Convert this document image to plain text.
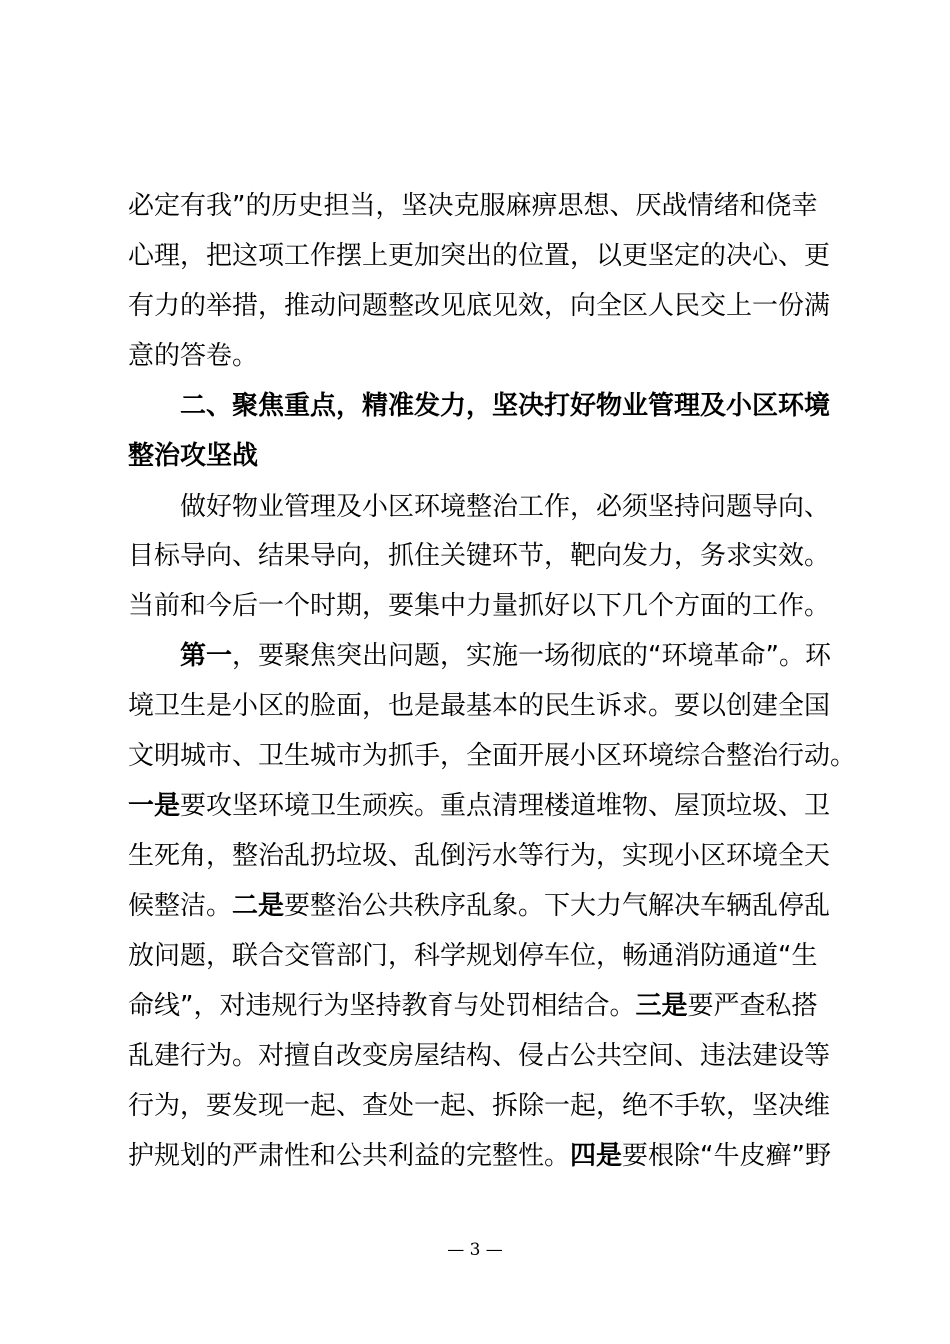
必定有我”的历史担当，坚决克服麻痹思想、厌战情绪和侥幸
心理，把这项工作摆上更加突出的位置，以更坚定的决心、更
有力的举措，推动问题整改见底见效，向全区人民交上一份满
意的答卷。
二、聚焦重点，精准发力，坚决打好物业管理及小区环境
整治攻坚战
做好物业管理及小区环境整治工作，必须坚持问题导向、
目标导向、结果导向，抓住关键环节，靶向发力，务求实效。
当前和今后一个时期，要集中力量抓好以下几个方面的工作。
第一，要聚焦突出问题，实施一场彻底的“环境革命”。环
境卫生是小区的脸面，也是最基本的民生诉求。要以创建全国
文明城市、卫生城市为抓手，全面开展小区环境综合整治行动。
一是要攻坚环境卫生顽疾。重点清理楼道堆物、屋顶垃圾、卫
生死角，整治乱扔垃圾、乱倒污水等行为，实现小区环境全天
候整洁。二是要整治公共秩序乱象。下大力气解决车辆乱停乱
放问题，联合交管部门，科学规划停车位，畅通消防通道“生
命线”，对违规行为坚持教育与处罚相结合。三是要严查私搭
乱建行为。对擅自改变房屋结构、侵占公共空间、违法建设等
行为，要发现一起、查处一起、拆除一起，绝不手软，坚决维
护规划的严肃性和公共利益的完整性。四是要根除“牛皮癣”野
— 3 —
